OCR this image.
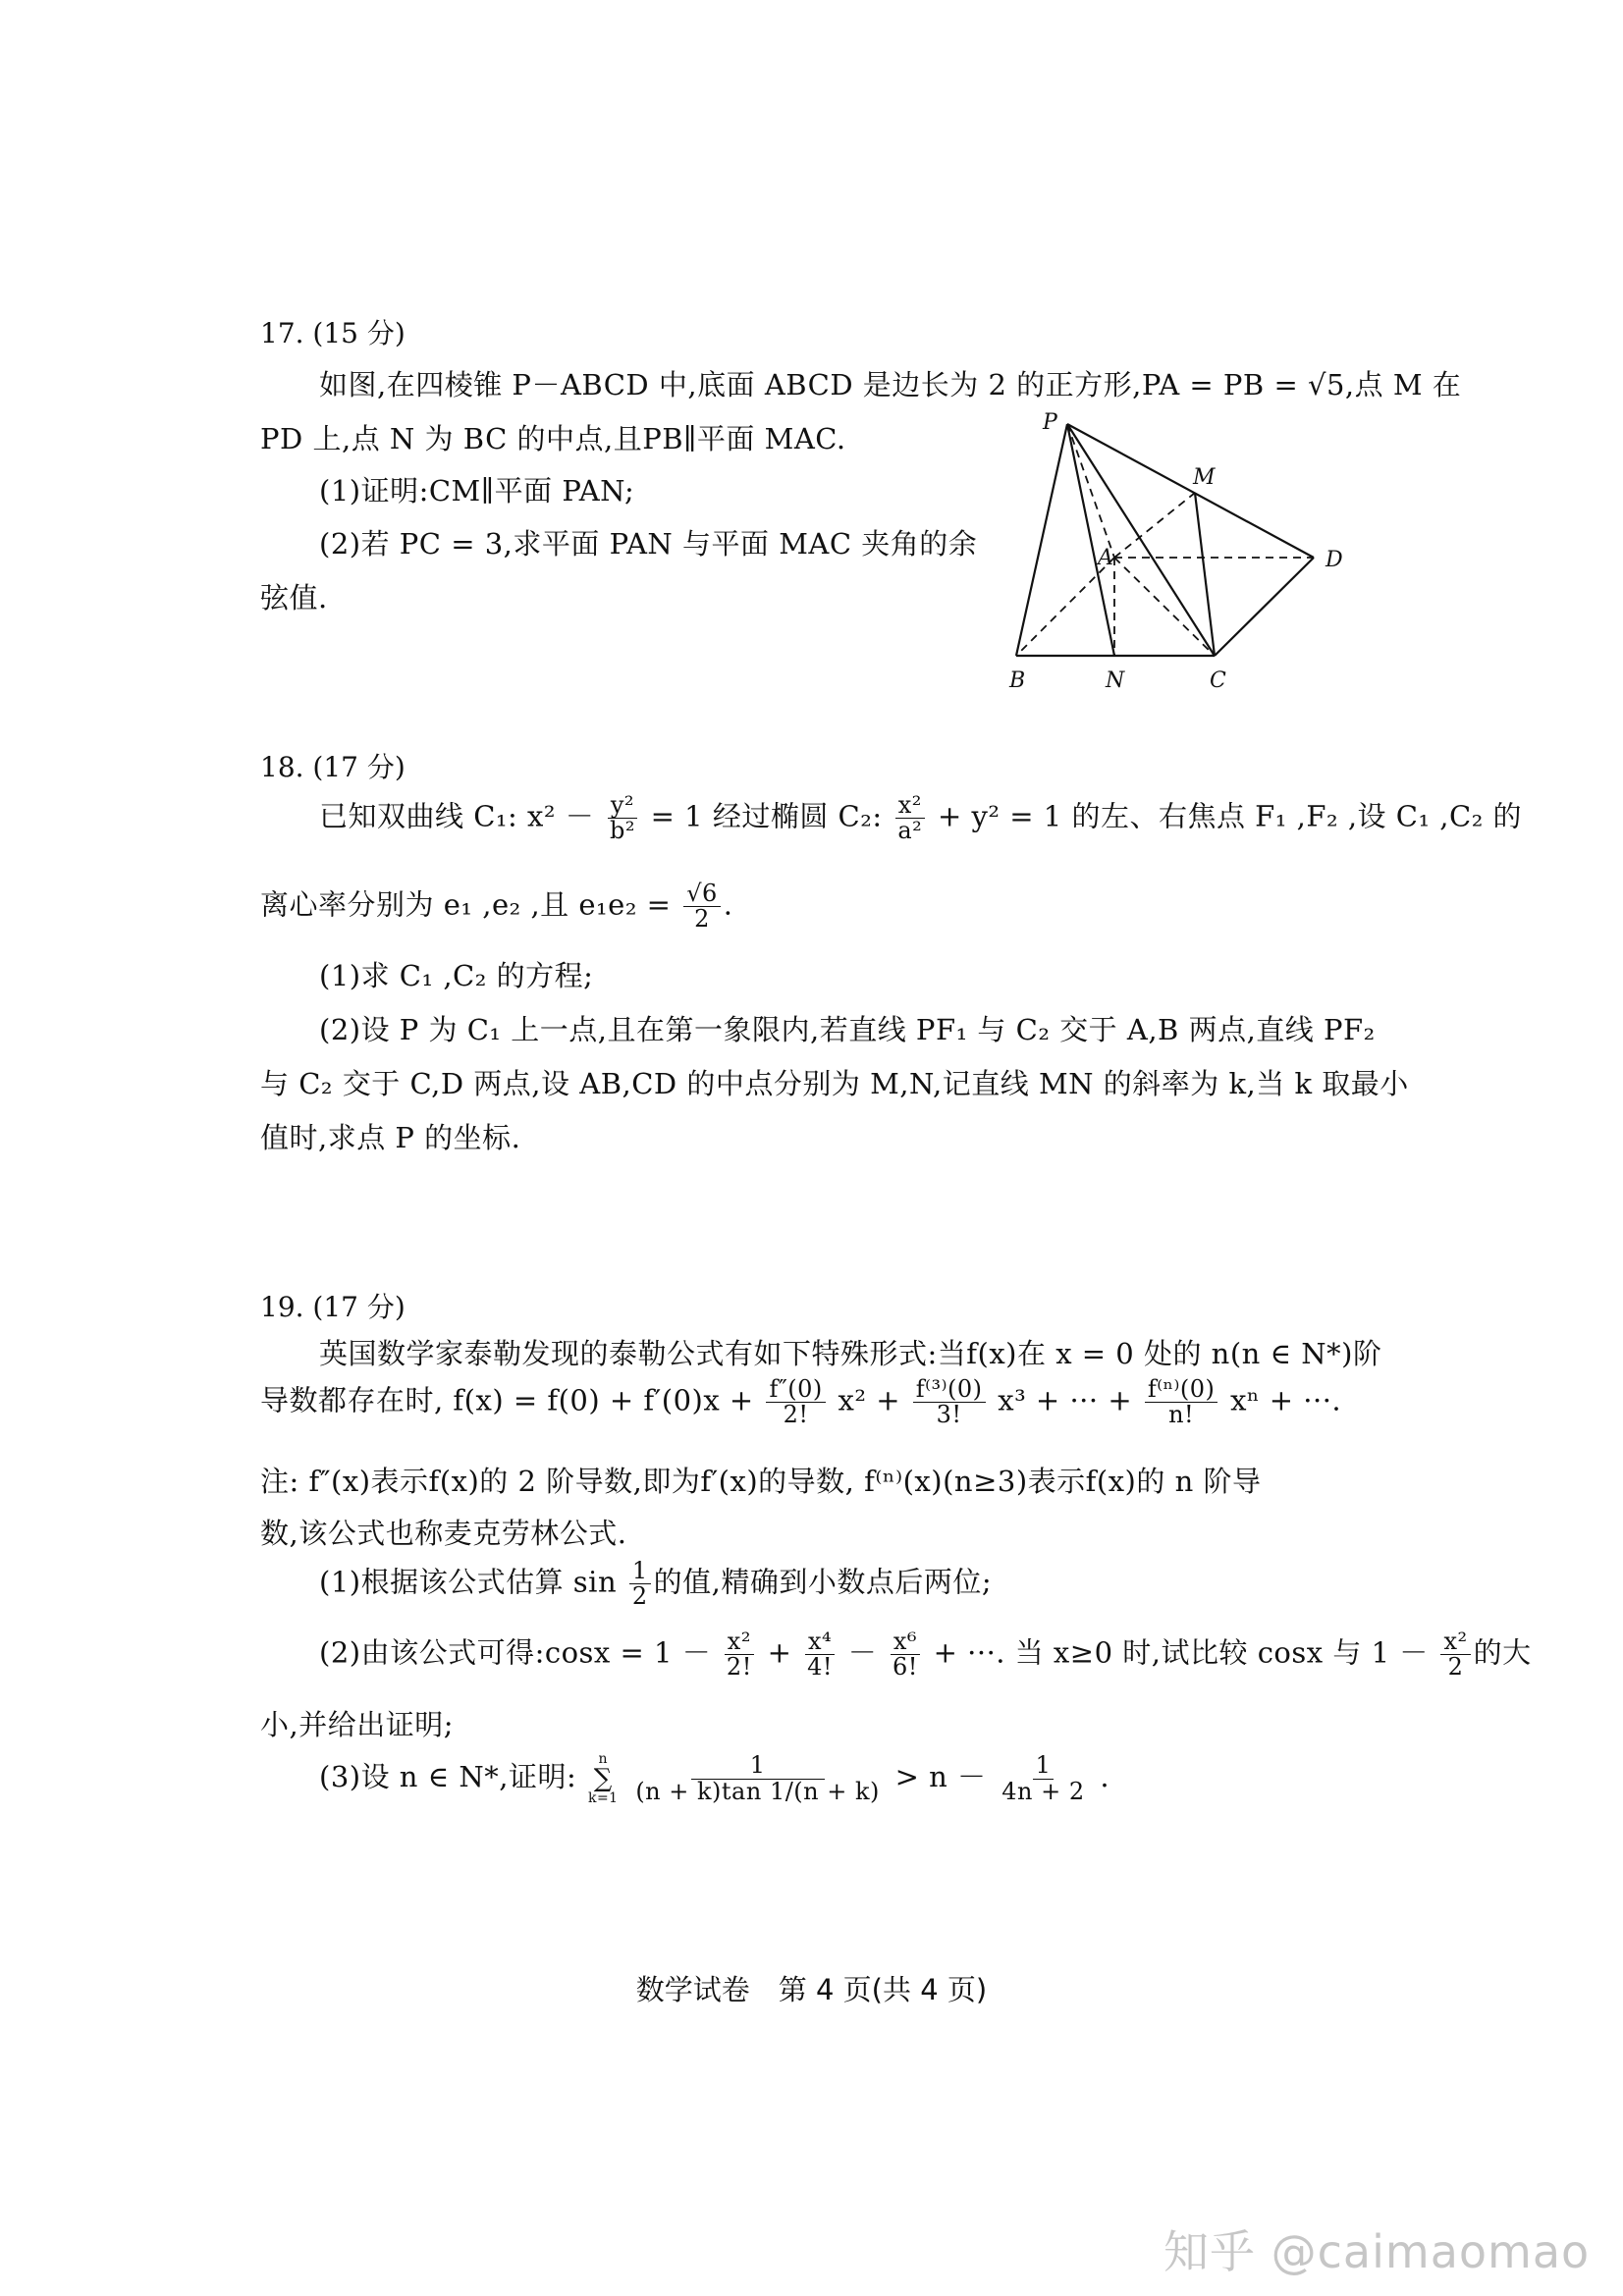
17. (15 分)
如图,在四棱锥 P－ABCD 中,底面 ABCD 是边长为 2 的正方形,PA = PB = √5,点 M 在
PD 上,点 N 为 BC 的中点,且PB∥平面 MAC.
(1)证明:CM∥平面 PAN;
(2)若 PC = 3,求平面 PAN 与平面 MAC 夹角的余
弦值.
P
M
A	D
B	N	C
18. (17 分)
已知双曲线 C₁: $x^2 - \frac{\text{y²}}{\text{b²}} = 1$ 经过椭圆 C₂: $\frac{\text{x²}}{\text{a²}} + y^2 = 1$ 的左、右焦点 F₁ ,F₂ ,设 C₁ ,C₂ 的
离心率分别为 e₁ ,e₂ ,且 $e_1e_2 = \frac{√6}{2}$ .
(1)求 C₁ ,C₂ 的方程;
(2)设 P 为 C₁ 上一点,且在第一象限内,若直线 PF₁ 与 C₂ 交于 A,B 两点,直线 PF₂
与 C₂ 交于 C,D 两点,设 AB,CD 的中点分别为 M,N,记直线 MN 的斜率为 k,当 k 取最小
值时,求点 P 的坐标.
19. (17 分)
英国数学家泰勒发现的泰勒公式有如下特殊形式:当f(x)在 x = 0 处的 n(n ∈ N*)阶
导数都存在时, $f(x) = f(0) + f'(0)x + \frac{f''(0)}{2!} x^2 + \frac{\text{f⁽³⁾(0)}}{3!} x^3$ + ··· + $\frac{\text{f⁽ⁿ⁾(0)}}{n!}$ xⁿ + ···.
注: f″(x)表示f(x)的 2 阶导数,即为f′(x)的导数, f⁽ⁿ⁾(x)(n≥3)表示f(x)的 n 阶导
数,该公式也称麦克劳林公式.
(1)根据该公式估算 $\sin \frac{1}{2}$ 的值,精确到小数点后两位;
(2)由该公式可得:cosx = $1 - \frac{\text{x²}}{2!} + \frac{\text{x⁴}}{4!} - \frac{\text{x⁶}}{6!}$ + ···. 当 x≥0 时,试比较 cosx 与 $1 - \frac{\text{x²}}{2}$ 的大
小,并给出证明;
(3)设 n ∈ N*,证明:
n
∑
k=1
$\frac{1}{(n + k)\tan 1/(n + k)} > n - \frac{1}{4n + 2}$ .
数学试卷　第 4 页(共 4 页)
知乎 @caimaomao
